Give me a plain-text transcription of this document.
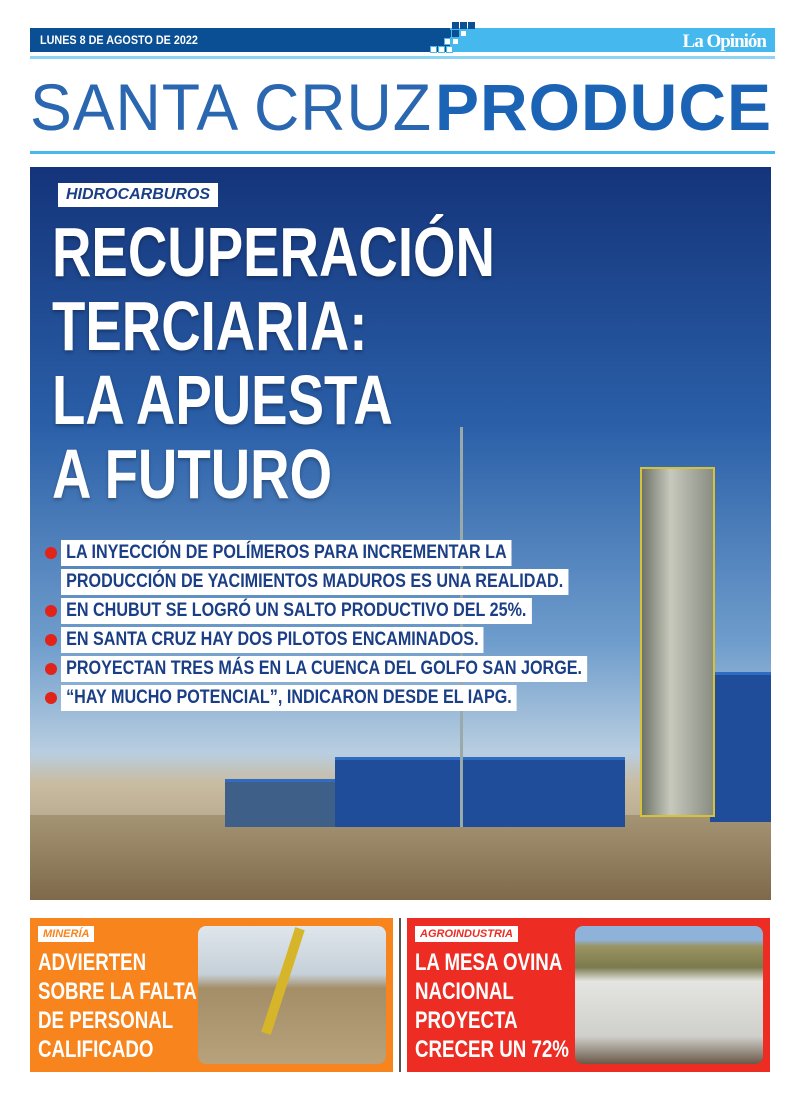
LUNES 8 DE AGOSTO DE 2022	La Opinión
SANTA CRUZ PRODUCE
HIDROCARBUROS
RECUPERACIÓN
TERCIARIA:
LA APUESTA
A FUTURO
LA INYECCIÓN DE POLÍMEROS PARA INCREMENTAR LA
PRODUCCIÓN DE YACIMIENTOS MADUROS ES UNA REALIDAD.
EN CHUBUT SE LOGRÓ UN SALTO PRODUCTIVO DEL 25%.
EN SANTA CRUZ HAY DOS PILOTOS ENCAMINADOS.
PROYECTAN TRES MÁS EN LA CUENCA DEL GOLFO SAN JORGE.
“HAY MUCHO POTENCIAL”, INDICARON DESDE EL IAPG.
MINERÍA
ADVIERTEN
SOBRE LA FALTA
DE PERSONAL
CALIFICADO
AGROINDUSTRIA
LA MESA OVINA
NACIONAL
PROYECTA
CRECER UN 72%
